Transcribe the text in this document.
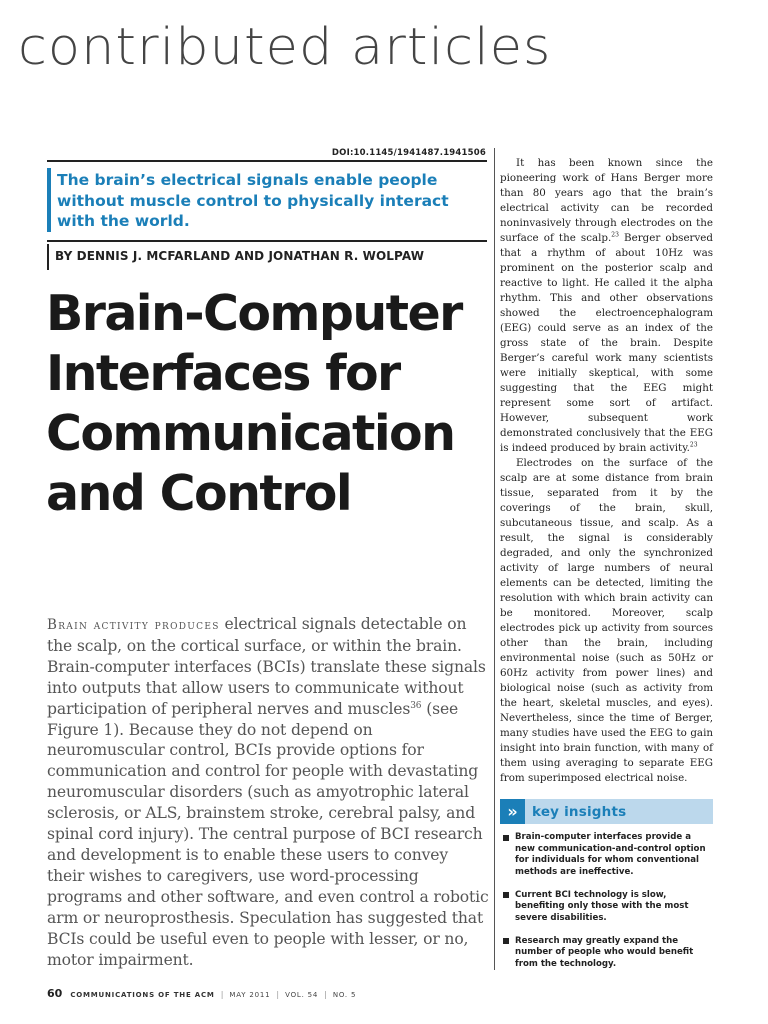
contributed articles
DOI:10.1145/1941487.1941506
The brain’s electrical signals enable people without muscle control to physically interact with the world.
BY DENNIS J. MCFARLAND AND JONATHAN R. WOLPAW
Brain-Computer
Interfaces for
Communication
and Control

Brain activity produces electrical signals detectable on the scalp, on the cortical surface, or within the brain. Brain-computer interfaces (BCIs) translate these signals into outputs that allow users to communicate without participation of peripheral nerves and muscles$^{36}$ (see Figure 1). Because they do not depend on neuromuscular control, BCIs provide options for communication and control for people with devastating neuromuscular disorders (such as amyotrophic lateral sclerosis, or ALS, brainstem stroke, cerebral palsy, and spinal cord injury). The central purpose of BCI research and development is to enable these users to convey their wishes to caregivers, use word-processing programs and other software, and even control a robotic arm or neuroprosthesis. Speculation has suggested that BCIs could be useful even to people with lesser, or no, motor impairment.

It has been known since the pioneering work of Hans Berger more than 80 years ago that the brain’s electrical activity can be recorded noninvasively through electrodes on the surface of the scalp.$^{23}$ Berger observed that a rhythm of about 10Hz was prominent on the posterior scalp and reactive to light. He called it the alpha rhythm. This and other observations showed the electroencephalogram (EEG) could serve as an index of the gross state of the brain. Despite Berger’s careful work many scientists were initially skeptical, with some suggesting that the EEG might represent some sort of artifact. However, subsequent work demonstrated conclusively that the EEG is indeed produced by brain activity.$^{23}$

Electrodes on the surface of the scalp are at some distance from brain tissue, separated from it by the coverings of the brain, skull, subcutaneous tissue, and scalp. As a result, the signal is considerably degraded, and only the synchronized activity of large numbers of neural elements can be detected, limiting the resolution with which brain activity can be monitored. Moreover, scalp electrodes pick up activity from sources other than the brain, including environmental noise (such as 50Hz or 60Hz activity from power lines) and biological noise (such as activity from the heart, skeletal muscles, and eyes). Nevertheless, since the time of Berger, many studies have used the EEG to gain insight into brain function, with many of them using averaging to separate EEG from superimposed electrical noise.

»	key insights
Brain-computer interfaces provide a new communication-and-control option for individuals for whom conventional methods are ineffective.
Current BCI technology is slow, benefiting only those with the most severe disabilities.
Research may greatly expand the number of people who would benefit from the technology.
60 COMMUNICATIONS OF THE ACM | MAY 2011 | VOL. 54 | NO. 5
